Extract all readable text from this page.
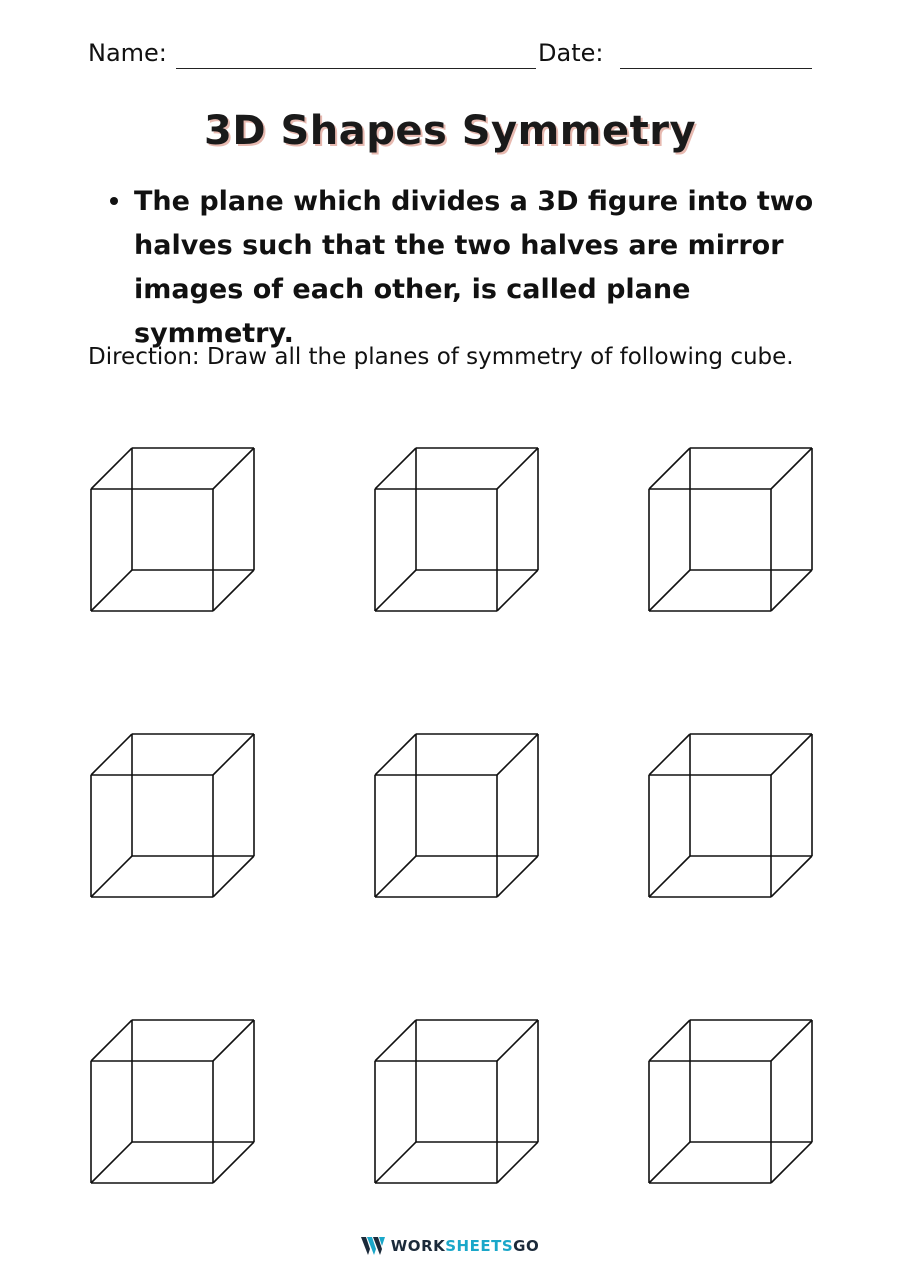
Name:	Date:
3D Shapes Symmetry
The plane which divides a 3D figure into two halves such that the two halves are mirror images of each other, is called plane symmetry.
Direction: Draw all the planes of symmetry of following cube.
WORKSHEETSGO
